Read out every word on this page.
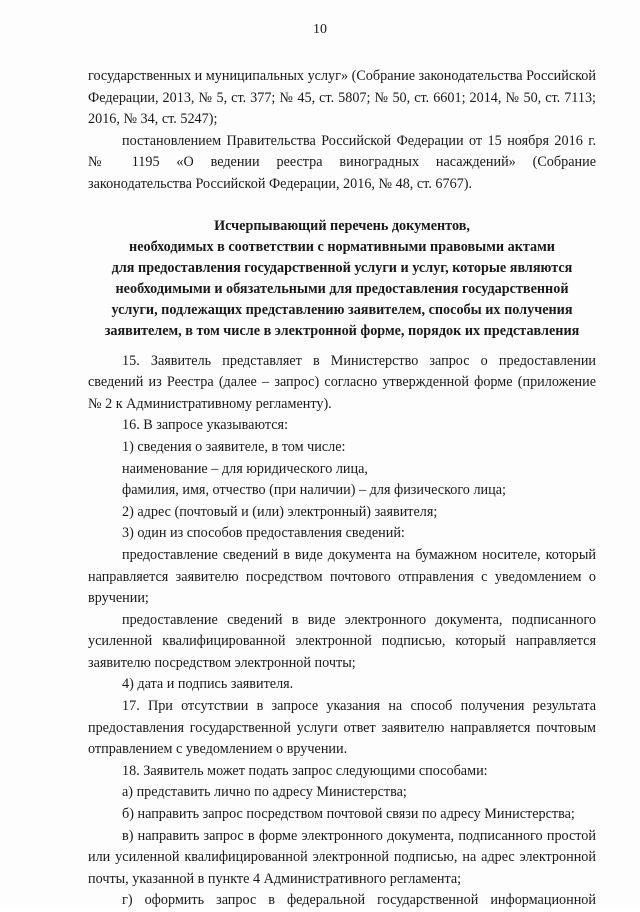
10

государственных и муниципальных услуг» (Собрание законодательства Российской Федерации, 2013, № 5, ст. 377; № 45, ст. 5807; № 50, ст. 6601; 2014, № 50, ст. 7113; 2016, № 34, ст. 5247);

постановлением Правительства Российской Федерации от 15 ноября 2016 г. № 1195 «О ведении реестра виноградных насаждений» (Собрание законодательства Российской Федерации, 2016, № 48, ст. 6767).

Исчерпывающий перечень документов,
необходимых в соответствии с нормативными правовыми актами
для предоставления государственной услуги и услуг, которые являются
необходимыми и обязательными для предоставления государственной
услуги, подлежащих представлению заявителем, способы их получения
заявителем, в том числе в электронной форме, порядок их представления

15. Заявитель представляет в Министерство запрос о предоставлении сведений из Реестра (далее – запрос) согласно утвержденной форме (приложение № 2 к Административному регламенту).

16. В запросе указываются:

1) сведения о заявителе, в том числе:

наименование – для юридического лица,

фамилия, имя, отчество (при наличии) – для физического лица;

2) адрес (почтовый и (или) электронный) заявителя;

3) один из способов предоставления сведений:

предоставление сведений в виде документа на бумажном носителе, который направляется заявителю посредством почтового отправления с уведомлением о вручении;

предоставление сведений в виде электронного документа, подписанного усиленной квалифицированной электронной подписью, который направляется заявителю посредством электронной почты;

4) дата и подпись заявителя.

17. При отсутствии в запросе указания на способ получения результата предоставления государственной услуги ответ заявителю направляется почтовым отправлением с уведомлением о вручении.

18. Заявитель может подать запрос следующими способами:

а) представить лично по адресу Министерства;

б) направить запрос посредством почтовой связи по адресу Министерства;

в) направить запрос в форме электронного документа, подписанного простой или усиленной квалифицированной электронной подписью, на адрес электронной почты, указанной в пункте 4 Административного регламента;

г) оформить запрос в федеральной государственной информационной
